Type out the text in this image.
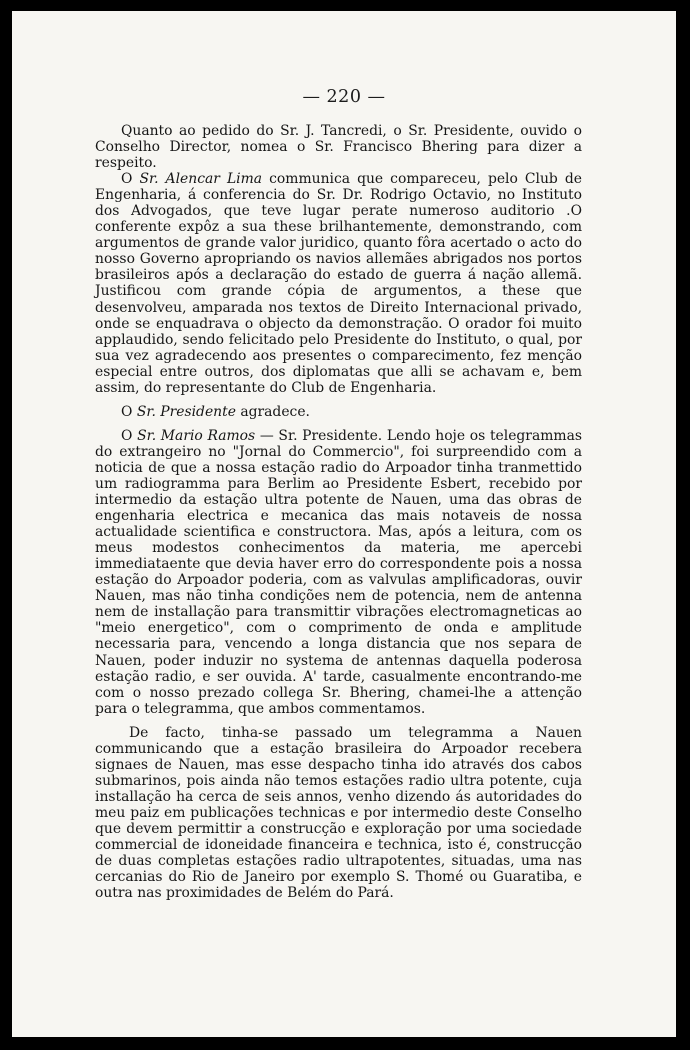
— 220 —

Quanto ao pedido do Sr. J. Tancredi, o Sr. Presidente, ouvido o Conselho Director, nomea o Sr. Francisco Bhering para dizer a respeito.

O Sr. Alencar Lima communica que compareceu, pelo Club de Engenharia, á conferencia do Sr. Dr. Rodrigo Octavio, no Instituto dos Advogados, que teve lugar perate numeroso auditorio .O conferente expôz a sua these brilhantemente, demonstrando, com argumentos de grande valor juridico, quanto fôra acertado o acto do nosso Governo apropriando os navios allemães abrigados nos portos brasileiros após a declaração do estado de guerra á nação allemã. Justificou com grande cópia de argumentos, a these que desenvolveu, amparada nos textos de Direito Internacional privado, onde se enquadrava o objecto da demonstração. O orador foi muito applaudido, sendo felicitado pelo Presidente do Instituto, o qual, por sua vez agradecendo aos presentes o comparecimento, fez menção especial entre outros, dos diplomatas que alli se achavam e, bem assim, do representante do Club de Engenharia.

O Sr. Presidente agradece.

O Sr. Mario Ramos — Sr. Presidente. Lendo hoje os telegrammas do extrangeiro no "Jornal do Commercio", foi surpreendido com a noticia de que a nossa estação radio do Arpoador tinha tranmettido um radiogramma para Berlim ao Presidente Esbert, recebido por intermedio da estação ultra potente de Nauen, uma das obras de engenharia electrica e mecanica das mais notaveis de nossa actualidade scientifica e constructora. Mas, após a leitura, com os meus modestos conhecimentos da materia, me apercebi immediataente que devia haver erro do correspondente pois a nossa estação do Arpoador poderia, com as valvulas amplificadoras, ouvir Nauen, mas não tinha condições nem de potencia, nem de antenna nem de installação para transmittir vibrações electromagneticas ao "meio energetico", com o comprimento de onda e amplitude necessaria para, vencendo a longa distancia que nos separa de Nauen, poder induzir no systema de antennas daquella poderosa estação radio, e ser ouvida. A' tarde, casualmente encontrando-me com o nosso prezado collega Sr. Bhering, chamei-lhe a attenção para o telegramma, que ambos commentamos.

De facto, tinha-se passado um telegramma a Nauen communicando que a estação brasileira do Arpoador recebera signaes de Nauen, mas esse despacho tinha ido através dos cabos submarinos, pois ainda não temos estações radio ultra potente, cuja installação ha cerca de seis annos, venho dizendo ás autoridades do meu paiz em publicações technicas e por intermedio deste Conselho que devem permittir a construcção e exploração por uma sociedade commercial de idoneidade financeira e technica, isto é, construcção de duas completas estações radio ultrapotentes, situadas, uma nas cercanias do Rio de Janeiro por exemplo S. Thomé ou Guaratiba, e outra nas proximidades de Belém do Pará.
